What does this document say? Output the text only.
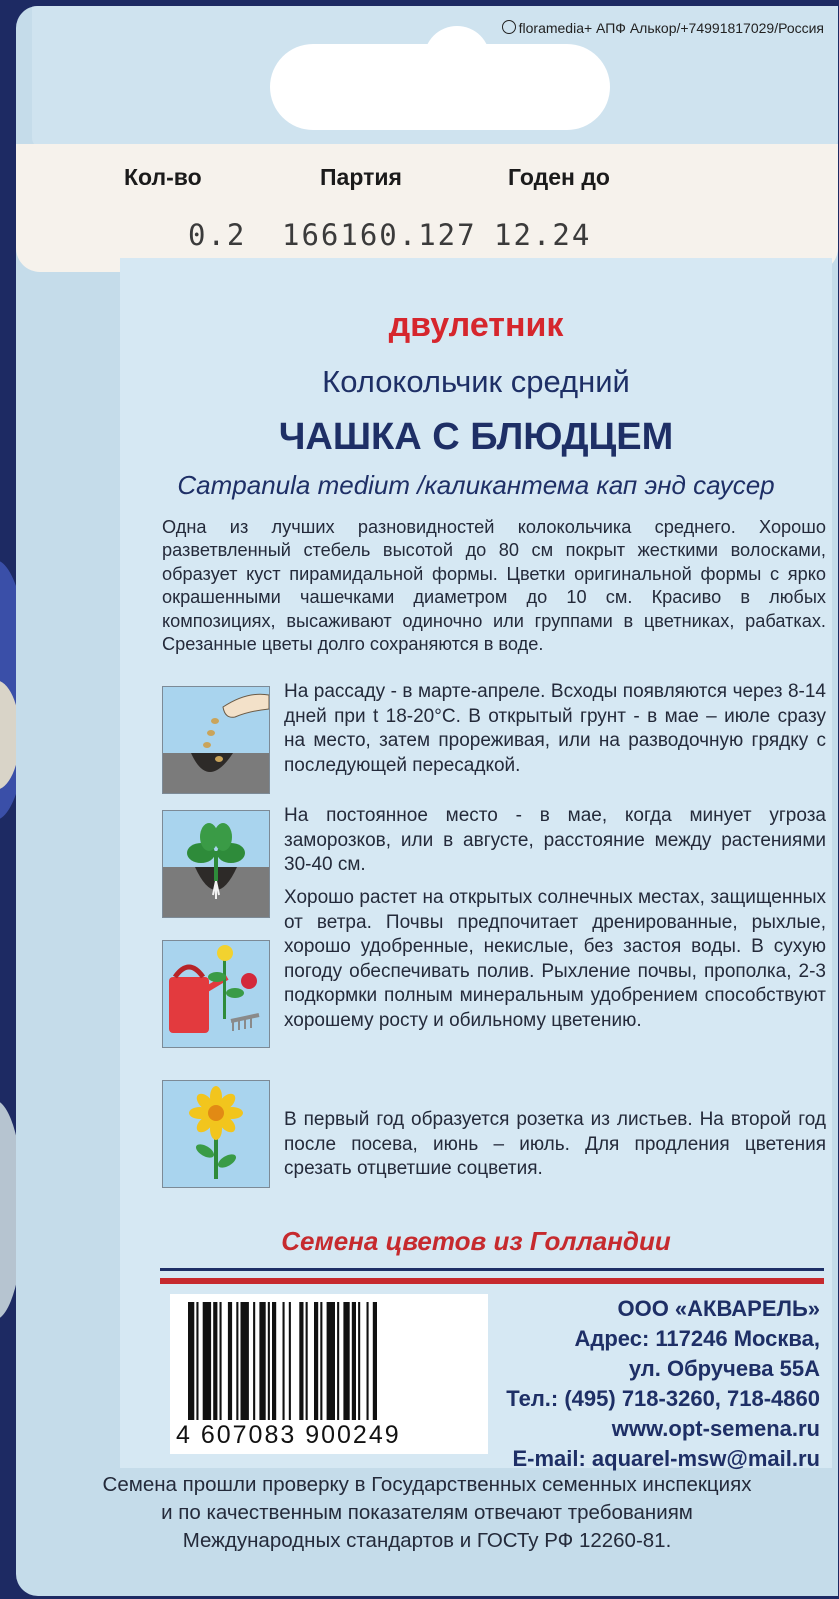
floramedia+ АПФ Алькор/+74991817029/Россия
Кол-во	Партия	Годен до
0.2 166160.127 12.24
двулетник
Колокольчик средний
ЧАШКА С БЛЮДЦЕМ
Campanula medium /каликантема кап энд саусер
Одна из лучших разновидностей колокольчика среднего. Хорошо разветвленный стебель высотой до 80 см покрыт жесткими волосками, образует куст пирамидальной формы. Цветки оригинальной формы с ярко окрашенными чашечками диаметром до 10 см. Красиво в любых композициях, высаживают одиночно или группами в цветниках, рабатках. Срезанные цветы долго сохраняются в воде.
На рассаду - в марте-апреле. Всходы появляются через 8-14 дней при t 18-20°C. В открытый грунт - в мае – июле сразу на место, затем прореживая, или на разводочную грядку с последующей пересадкой.
На постоянное место - в мае, когда минует угроза заморозков, или в августе, расстояние между растениями 30-40 см.
Хорошо растет на открытых солнечных местах, защищенных от ветра. Почвы предпочитает дренированные, рыхлые, хорошо удобренные, некислые, без застоя воды. В сухую погоду обеспечивать полив. Рыхление почвы, прополка, 2-3 подкормки полным минеральным удобрением способствуют хорошему росту и обильному цветению.
В первый год образуется розетка из листьев. На второй год после посева, июнь – июль. Для продления цветения срезать отцветшие соцветия.
Семена цветов из Голландии
4 607083 900249
ООО «АКВАРЕЛЬ»
Адрес: 117246 Москва,
ул. Обручева 55А
Тел.: (495) 718-3260, 718-4860
www.opt-semena.ru
E-mail: aquarel-msw@mail.ru
Семена прошли проверку в Государственных семенных инспекциях
и по качественным показателям отвечают требованиям
Международных стандартов и ГОСТу РФ 12260-81.
